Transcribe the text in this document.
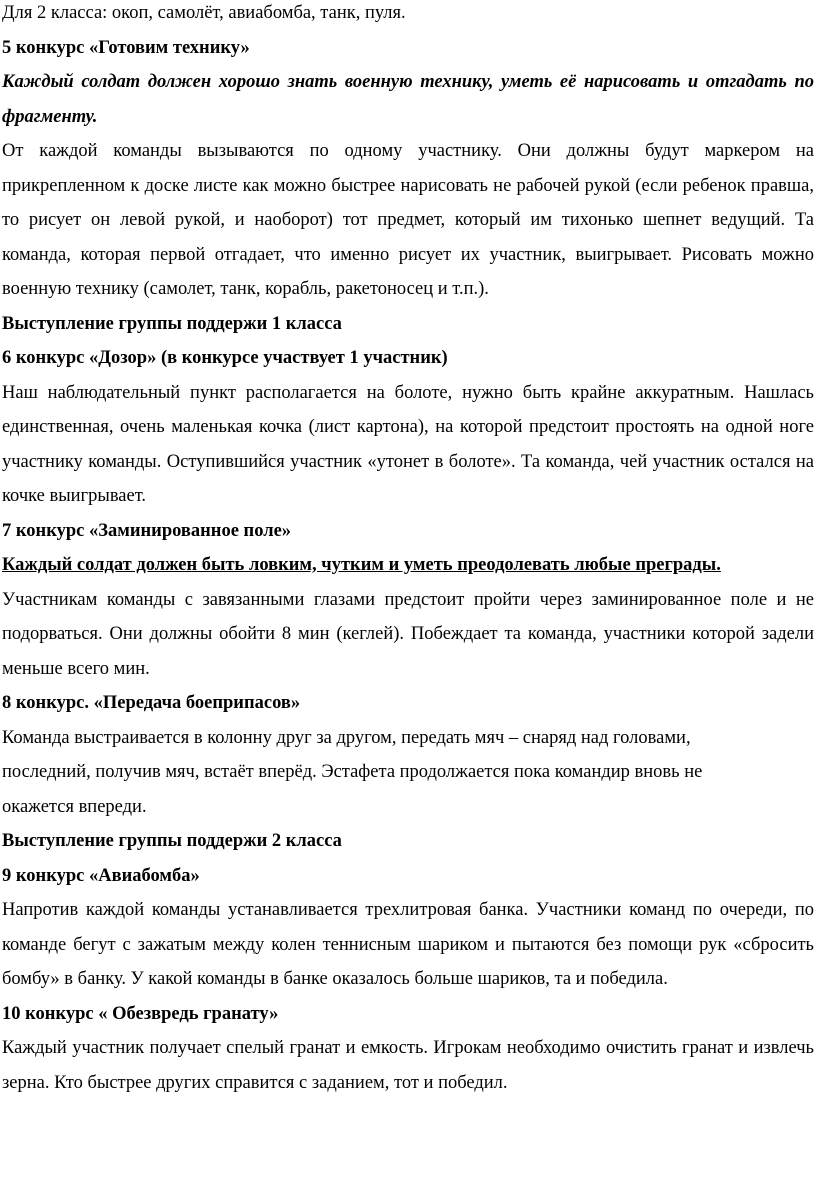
Для 2 класса: окоп, самолёт, авиабомба, танк, пуля.

5 конкурс «Готовим технику»

Каждый солдат должен хорошо знать военную технику, уметь её нарисовать и отгадать по фрагменту.

От каждой команды вызываются по одному участнику. Они должны будут маркером на прикрепленном к доске листе как можно быстрее нарисовать не рабочей рукой (если ребенок правша, то рисует он левой рукой, и наоборот) тот предмет, который им тихонько шепнет ведущий. Та команда, которая первой отгадает, что именно рисует их участник, выигрывает. Рисовать можно военную технику (самолет, танк, корабль, ракетоносец и т.п.).

Выступление группы поддержи 1 класса

6 конкурс «Дозор» (в конкурсе участвует 1 участник)

Наш наблюдательный пункт располагается на болоте, нужно быть крайне аккуратным. Нашлась единственная, очень маленькая кочка (лист картона), на которой предстоит простоять на одной ноге участнику команды. Оступившийся участник «утонет в болоте». Та команда, чей участник остался на кочке выигрывает.

7 конкурс «Заминированное поле»

Каждый солдат должен быть ловким, чутким и уметь преодолевать любые преграды.

Участникам команды с завязанными глазами предстоит пройти через заминированное поле и не подорваться. Они должны обойти 8 мин (кеглей). Побеждает та команда, участники которой задели меньше всего мин.

8 конкурс. «Передача боеприпасов»

Команда выстраивается в колонну друг за другом, передать мяч – снаряд над головами,

последний, получив мяч, встаёт вперёд. Эстафета продолжается пока командир вновь не

окажется впереди.

Выступление группы поддержи 2 класса

9 конкурс «Авиабомба»

Напротив каждой команды устанавливается трехлитровая банка. Участники команд по очереди, по команде бегут с зажатым между колен теннисным шариком и пытаются без помощи рук «сбросить бомбу» в банку. У какой команды в банке оказалось больше шариков, та и победила.

10 конкурс « Обезвредь гранату»

Каждый участник получает спелый гранат и емкость. Игрокам необходимо очистить гранат и извлечь зерна. Кто быстрее других справится с заданием, тот и победил.
